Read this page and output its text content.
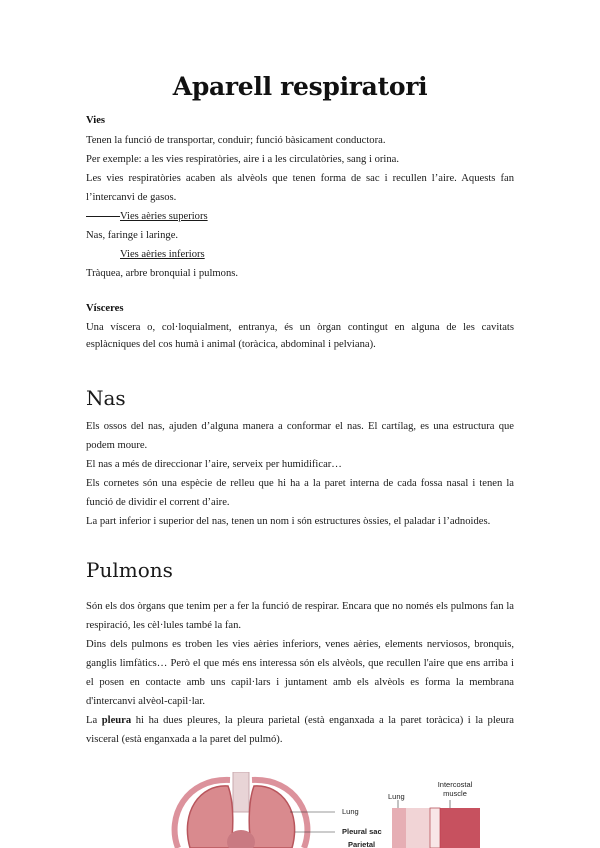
Aparell respiratori

Vies

Tenen la funció de transportar, conduir; funció bàsicament conductora.

Per exemple: a les vies respiratòries, aire i a les circulatòries, sang i orina.

Les vies respiratòries acaben als alvèols que tenen forma de sac i recullen l’aire. Aquests fan l’intercanvi de gasos.

Vies aèries superiors

Nas, faringe i laringe.

Vies aèries inferiors

Tràquea, arbre bronquial i pulmons.

Vísceres

Una víscera o, col·loquialment, entranya, és un òrgan contingut en alguna de les cavitats esplàcniques del cos humà i animal (toràcica, abdominal i pelviana).

Nas

Els ossos del nas, ajuden d’alguna manera a conformar el nas. El cartílag, es una estructura que podem moure.

El nas a més de direccionar l’aire, serveix per humidificar…

Els cornetes són una espècie de relleu que hi ha a la paret interna de cada fossa nasal i tenen la funció de dividir el corrent d’aire.

La part inferior i superior del nas, tenen un nom i són estructures òssies, el paladar i l’adnoides.

Pulmons

Són els dos òrgans que tenim per a fer la funció de respirar. Encara que no només els pulmons fan la respiració, les cèl·lules també la fan.

Dins dels pulmons es troben les vies aèries inferiors, venes aèries, elements nerviosos, bronquis, ganglis limfàtics… Però el que més ens interessa són els alvèols, que recullen l'aire que ens arriba i el posen en contacte amb uns capil·lars i juntament amb els alvèols es forma la membrana d'intercanvi alvèol-capil·lar.

La pleura hi ha dues pleures, la pleura parietal (està enganxada a la paret toràcica) i la pleura visceral (està enganxada a la paret del pulmó).

Lung
Pleural sac
Parietal
Lung
Intercostal muscle
